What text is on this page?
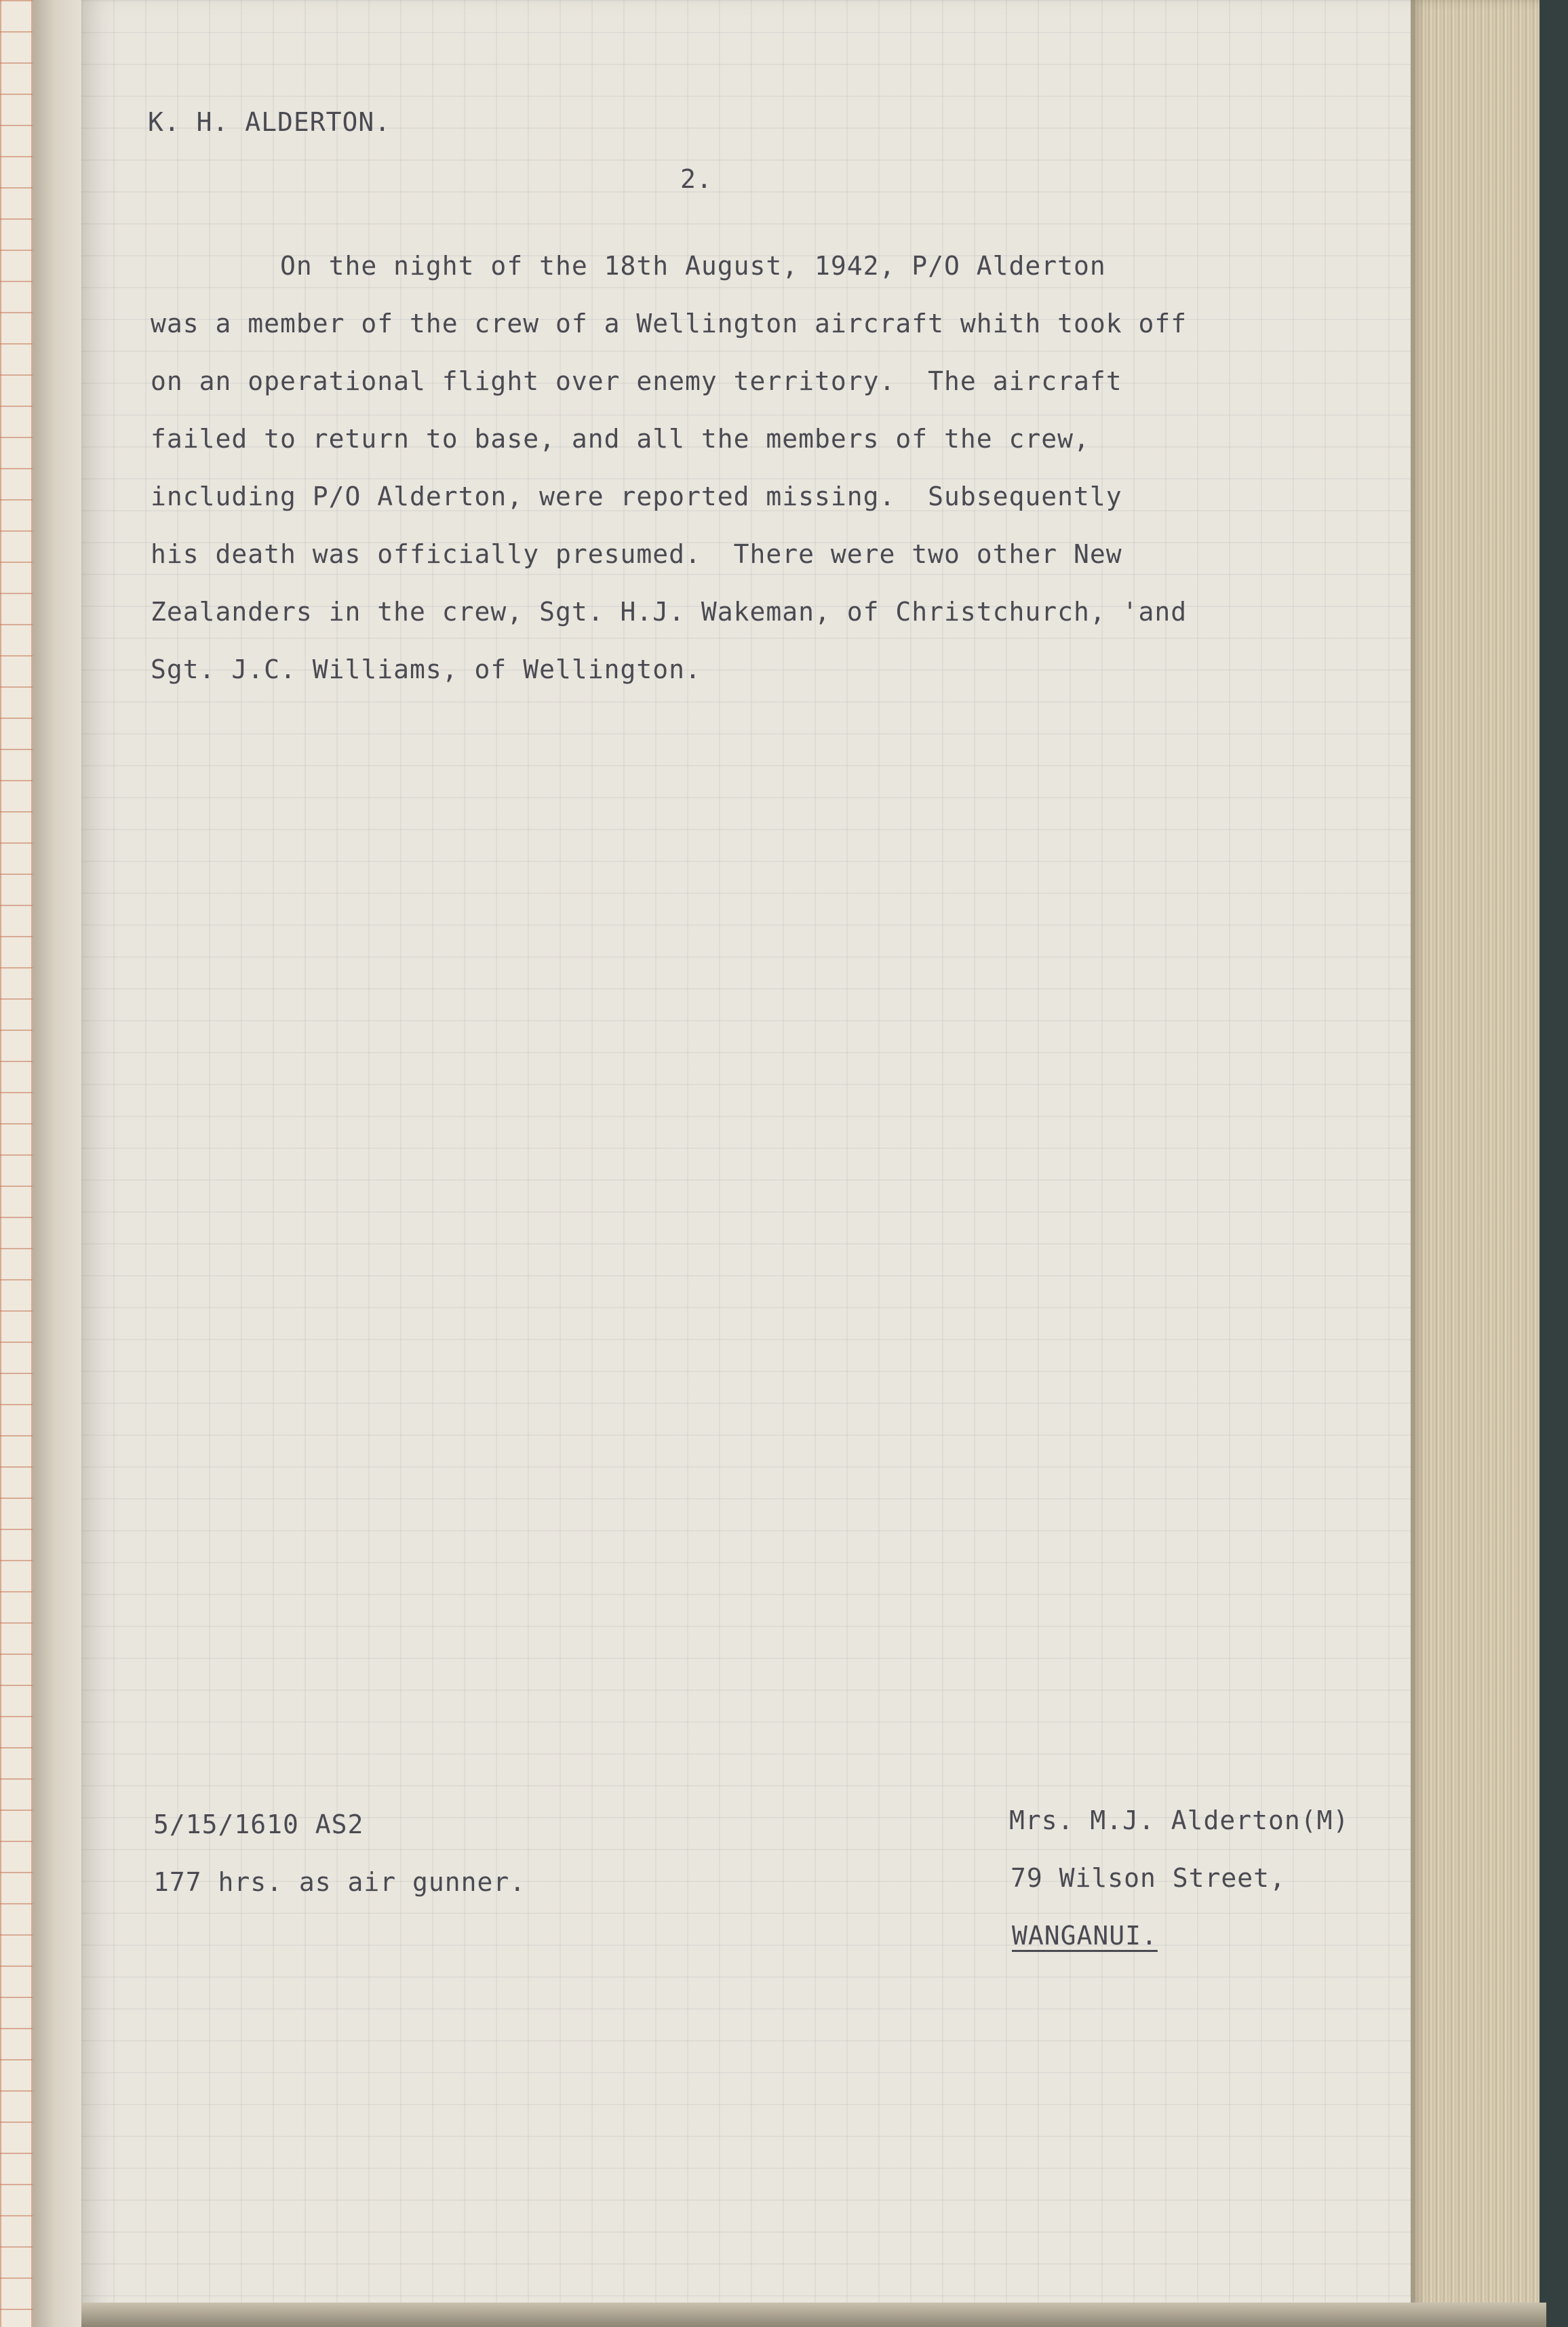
K. H. ALDERTON.
2.
On the night of the 18th August, 1942, P/O Alderton
was a member of the crew of a Wellington aircraft whith took off
on an operational flight over enemy territory.  The aircraft
failed to return to base, and all the members of the crew,
including P/O Alderton, were reported missing.  Subsequently
his death was officially presumed.  There were two other New
Zealanders in the crew, Sgt. H.J. Wakeman, of Christchurch, 'and
Sgt. J.C. Williams, of Wellington.
5/15/1610 AS2
177 hrs. as air gunner.
Mrs. M.J. Alderton(M)
79 Wilson Street,
WANGANUI.
